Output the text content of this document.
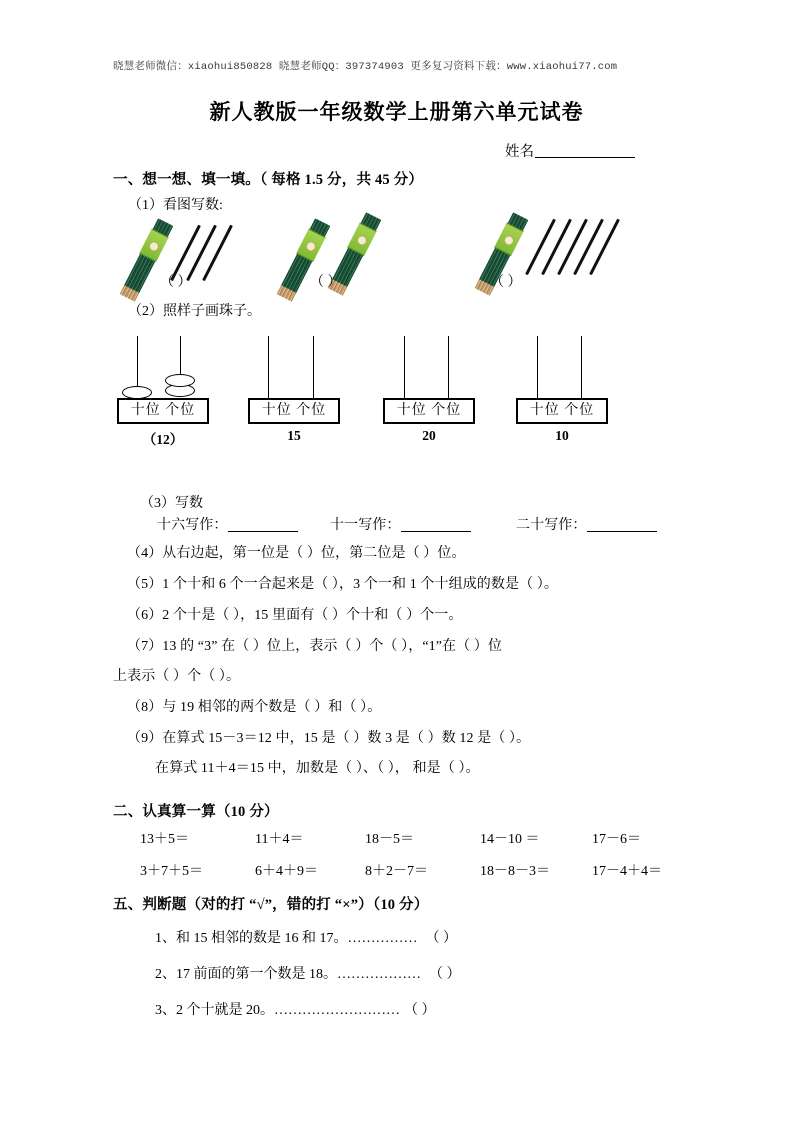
晓慧老师微信：xiaohui850828 晓慧老师QQ：397374903 更多复习资料下载：www.xiaohui77.com
新人教版一年级数学上册第六单元试卷
姓名
一、想一想、填一填。（ 每格 1.5 分，共 45 分）
（1）看图写数:
（ ）	（ ）	（ ）
（2）照样子画珠子。
十位 个位
（12）
十位 个位
15
十位 个位
20
十位 个位
10
（3）写数
十六写作：	十一写作：	二十写作：
（4）从右边起，第一位是（ ）位，第二位是（ ）位。
（5）1 个十和 6 个一合起来是（ ），3 个一和 1 个十组成的数是（ ）。
（6）2 个十是（ ），15 里面有（ ）个十和（ ）个一。
（7）13 的 “3” 在（ ）位上，表示（ ）个（ ），“1”在（ ）位
上表示（ ）个（ ）。
（8）与 19 相邻的两个数是（ ）和（ ）。
（9）在算式 15－3＝12 中，15 是（ ）数 3 是（ ）数 12 是（ ）。
在算式 11＋4＝15 中，加数是（ ）、（ ）， 和是（ ）。
二、认真算一算（10 分）
13＋5＝	11＋4＝	18－5＝	14－10 ＝	17－6＝
3＋7＋5＝	6＋4＋9＝	8＋2－7＝	18－8－3＝	17－4＋4＝
五、判断题（对的打 “√”，错的打 “×”）（10 分）
1、和 15 相邻的数是 16 和 17。…………… （ ）
2、17 前面的第一个数是 18。……………… （ ）
3、2 个十就是 20。……………………… （ ）
